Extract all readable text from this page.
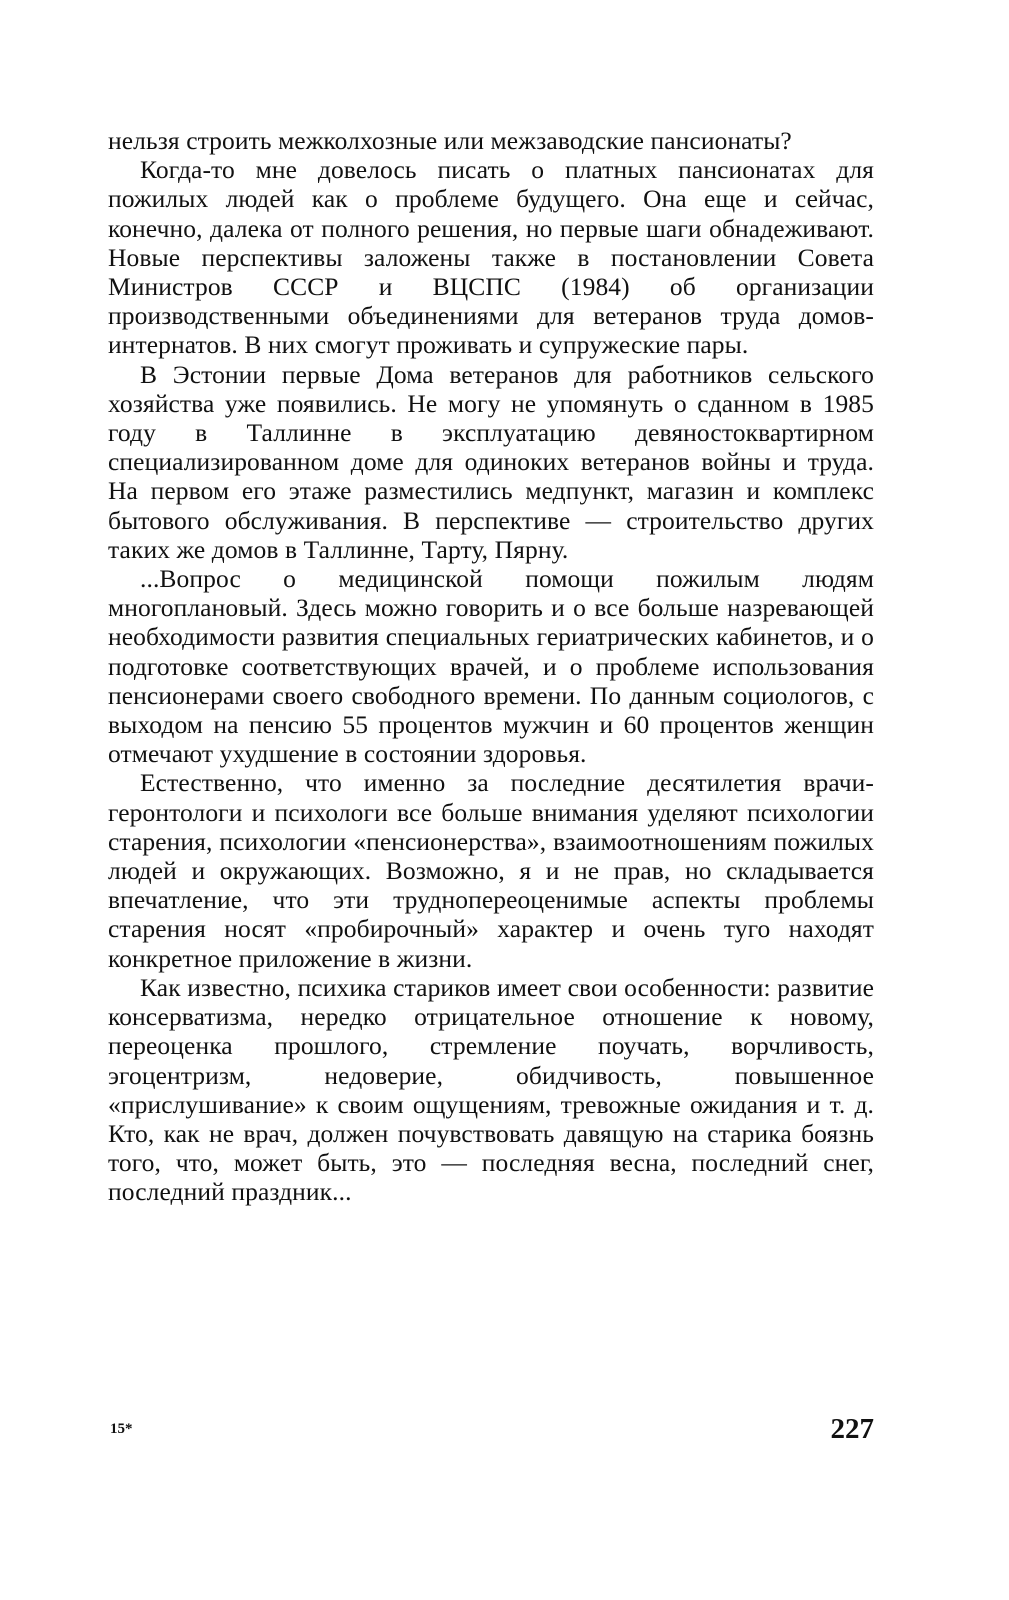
нельзя строить межколхозные или межзаводские пансионаты?

Когда-то мне довелось писать о платных пансионатах для пожилых людей как о проблеме будущего. Она еще и сейчас, конечно, далека от полного решения, но первые шаги обнадеживают. Новые перспективы заложены также в постановлении Совета Министров СССР и ВЦСПС (1984) об организации производственными объединениями для ветеранов труда домов-интернатов. В них смогут проживать и супружеские пары.

В Эстонии первые Дома ветеранов для работников сельского хозяйства уже появились. Не могу не упомянуть о сданном в 1985 году в Таллинне в эксплуатацию девяностоквартирном специализированном доме для одиноких ветеранов войны и труда. На первом его этаже разместились медпункт, магазин и комплекс бытового обслуживания. В перспективе — строительство других таких же домов в Таллинне, Тарту, Пярну.

...Вопрос о медицинской помощи пожилым людям многоплановый. Здесь можно говорить и о все больше назревающей необходимости развития специальных гериатрических кабинетов, и о подготовке соответствующих врачей, и о проблеме использования пенсионерами своего свободного времени. По данным социологов, с выходом на пенсию 55 процентов мужчин и 60 процентов женщин отмечают ухудшение в состоянии здоровья.

Естественно, что именно за последние десятилетия врачи-геронтологи и психологи все больше внимания уделяют психологии старения, психологии «пенсионерства», взаимоотношениям пожилых людей и окружающих. Возможно, я и не прав, но складывается впечатление, что эти труднопереоценимые аспекты проблемы старения носят «пробирочный» характер и очень туго находят конкретное приложение в жизни.

Как известно, психика стариков имеет свои особенности: развитие консерватизма, нередко отрицательное отношение к новому, переоценка прошлого, стремление поучать, ворчливость, эгоцентризм, недоверие, обидчивость, повышенное «прислушивание» к своим ощущениям, тревожные ожидания и т. д. Кто, как не врач, должен почувствовать давящую на старика боязнь того, что, может быть, это — последняя весна, последний снег, последний праздник...

15*	227
